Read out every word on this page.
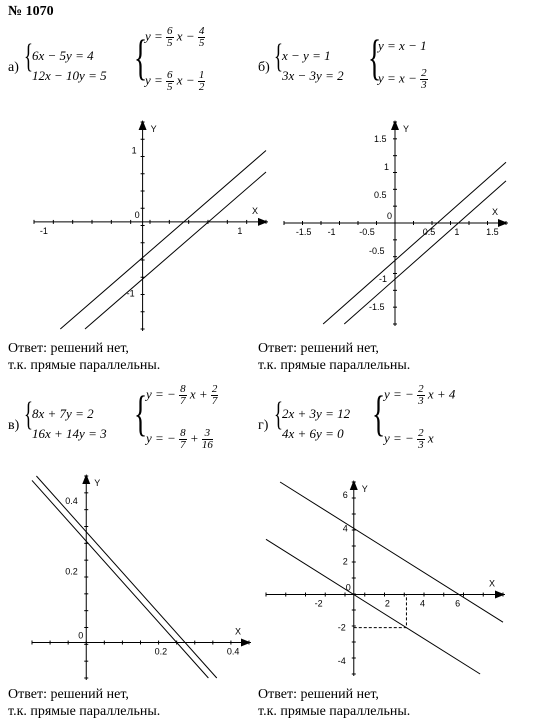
№ 1070
а) { 6x − 5y = 4
12x − 10y = 5 {
$y = \frac{6}{5}$ $x - \frac{4}{5}$
$y = \frac{6}{5}$ $x - \frac{1}{2}$
б) { x − y = 1
3x − 3y = 2 {
y = x − 1
$y = x - \frac{2}{3}$
в) { 8x + 7y = 2
16x + 14y = 3 {
y = − $\frac{8}{7}$ $x + \frac{2}{7}$
y = − $\frac{8}{7} + \frac{3}{16}$
г) { 2x + 3y = 12
4x + 6y = 0 {
y = − $\frac{2}{3}$ x + 4
y = − $\frac{2}{3}$ x
-1
0
1
1
-1
X
Y
-1.5 -1	-0.5
0
0.5 1	1.5
1.5
1
0.5
-0.5
-1
-1.5
X
Y
0
0.2	0.4
0.4
0.2
X
Y
-2
0
2	4	6
6
4
2
-2
-4
X
Y
Ответ: решений нет,
т.к. прямые параллельны.
Ответ: решений нет,
т.к. прямые параллельны.
Ответ: решений нет,
т.к. прямые параллельны.
Ответ: решений нет,
т.к. прямые параллельны.
